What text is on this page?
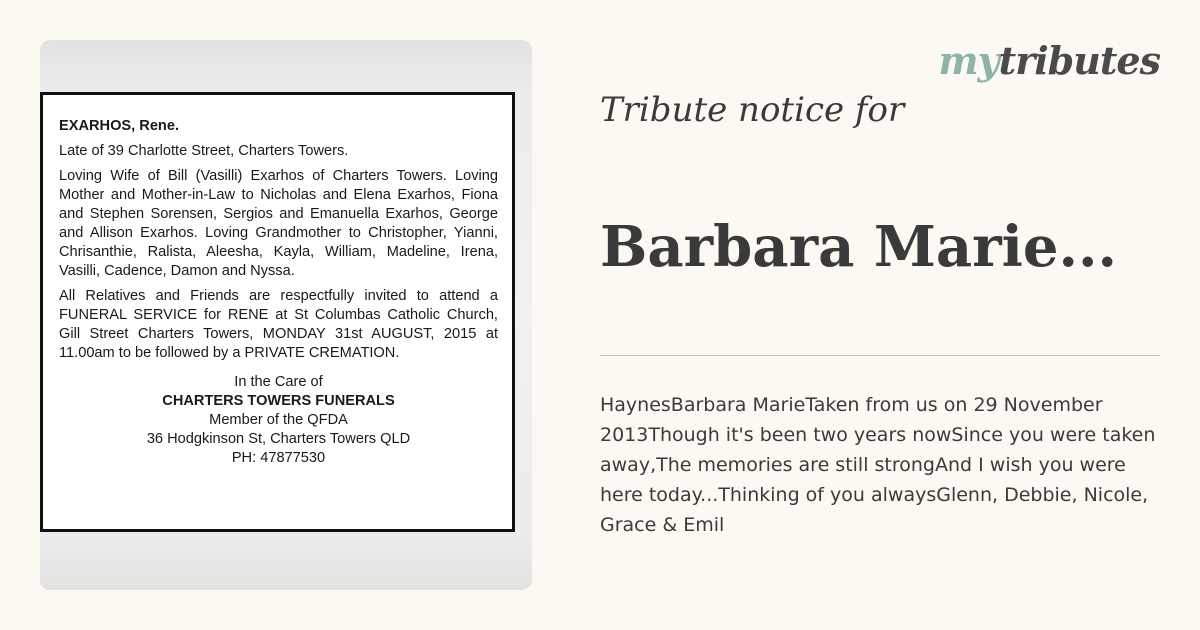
EXARHOS, Rene.
Late of 39 Charlotte Street, Charters Towers.
Loving Wife of Bill (Vasilli) Exarhos of Charters Towers. Loving Mother and Mother-in-Law to Nicholas and Elena Exarhos, Fiona and Stephen Sorensen, Sergios and Emanuella Exarhos, George and Allison Exarhos. Loving Grandmother to Christopher, Yianni, Chrisanthie, Ralista, Aleesha, Kayla, William, Madeline, Irena, Vasilli, Cadence, Damon and Nyssa.
All Relatives and Friends are respectfully invited to attend a FUNERAL SERVICE for RENE at St Columbas Catholic Church, Gill Street Charters Towers, MONDAY 31st AUGUST, 2015 at 11.00am to be followed by a PRIVATE CREMATION.
In the Care of
CHARTERS TOWERS FUNERALS
Member of the QFDA
36 Hodgkinson St, Charters Towers QLD
PH: 47877530
mytributes
Tribute notice for
Barbara Marie...
HaynesBarbara MarieTaken from us on 29 November 2013Though it's been two years nowSince you were taken away,The memories are still strongAnd I wish you were here today...Thinking of you alwaysGlenn, Debbie, Nicole, Grace & Emil
